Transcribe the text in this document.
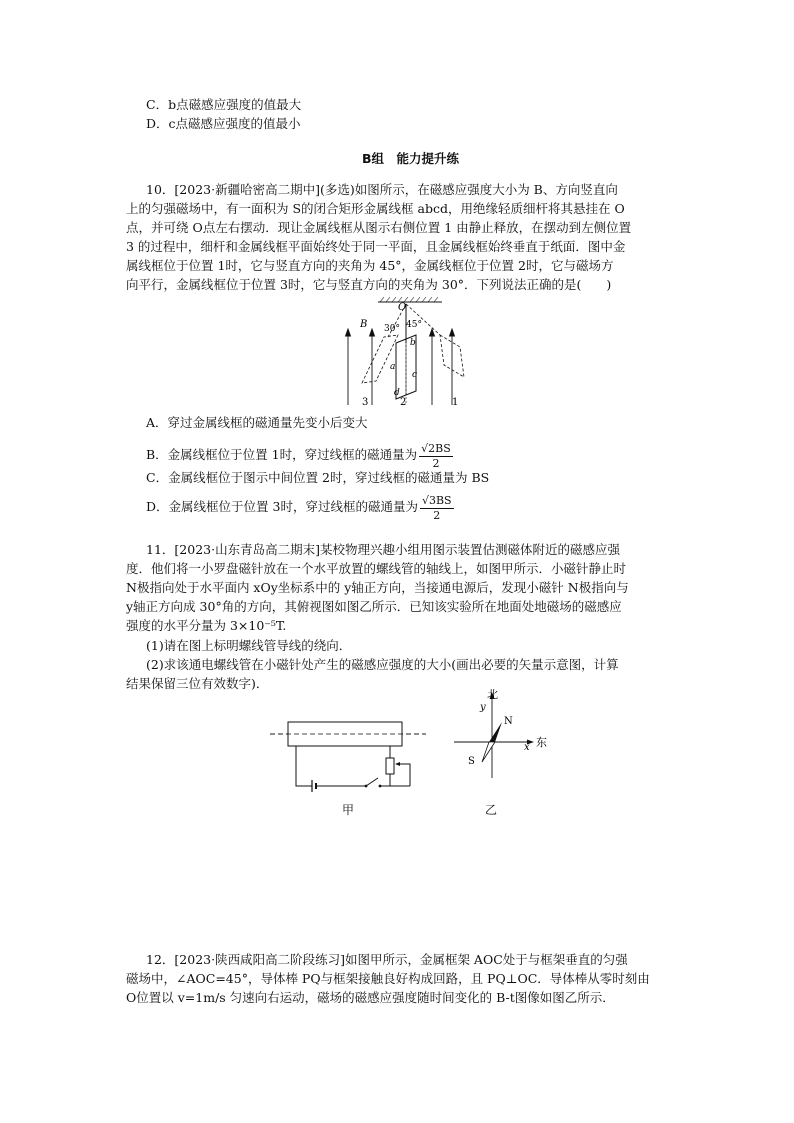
C．b点磁感应强度的值最大
D．c点磁感应强度的值最小
B组　能力提升练
10．[2023·新疆哈密高二期中](多选)如图所示，在磁感应强度大小为 B、方向竖直向
上的匀强磁场中，有一面积为 S的闭合矩形金属线框 abcd，用绝缘轻质细杆将其悬挂在 O
点，并可绕 O点左右摆动．现让金属线框从图示右侧位置 1 由静止释放，在摆动到左侧位置
3 的过程中，细杆和金属线框平面始终处于同一平面，且金属线框始终垂直于纸面．图中金
属线框位于位置 1时，它与竖直方向的夹角为 45°，金属线框位于位置 2时，它与磁场方
向平行，金属线框位于位置 3时，它与竖直方向的夹角为 30°．下列说法正确的是(　　)
O
B 30° 45°
b
a
c
d
3	2	1
A．穿过金属线框的磁通量先变小后变大
B．金属线框位于位置 1时，穿过线框的磁通量为 $\frac{√2BS}{2}$
C．金属线框位于图示中间位置 2时，穿过线框的磁通量为 BS
D．金属线框位于位置 3时，穿过线框的磁通量为 $\frac{√3BS}{2}$
11．[2023·山东青岛高二期末]某校物理兴趣小组用图示装置估测磁体附近的磁感应强
度．他们将一小罗盘磁针放在一个水平放置的螺线管的轴线上，如图甲所示．小磁针静止时
N极指向处于水平面内 xOy坐标系中的 y轴正方向，当接通电源后，发现小磁针 N极指向与
y轴正方向成 30°角的方向，其俯视图如图乙所示．已知该实验所在地面处地磁场的磁感应
强度的水平分量为 3×10⁻⁵T.
(1)请在图上标明螺线管导线的绕向．
(2)求该通电螺线管在小磁针处产生的磁感应强度的大小(画出必要的矢量示意图，计算
结果保留三位有效数字)．
甲
北
y
N
S
x 东
乙
12．[2023·陕西咸阳高二阶段练习]如图甲所示，金属框架 AOC处于与框架垂直的匀强
磁场中，∠AOC=45°，导体棒 PQ与框架接触良好构成回路，且 PQ⊥OC．导体棒从零时刻由
O位置以 v=1m/s 匀速向右运动，磁场的磁感应强度随时间变化的 B-t图像如图乙所示．
